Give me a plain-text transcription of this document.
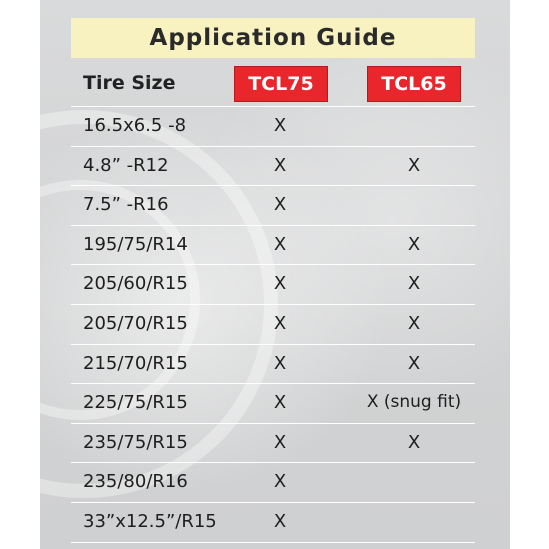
Application Guide
Tire Size	TCL75	TCL65
16.5x6.5 -8	X
4.8” -R12	X	X
7.5” -R16	X
195/75/R14	X	X
205/60/R15	X	X
205/70/R15	X	X
215/70/R15	X	X
225/75/R15	X	X (snug fit)
235/75/R15	X	X
235/80/R16	X
33”x12.5”/R15	X
